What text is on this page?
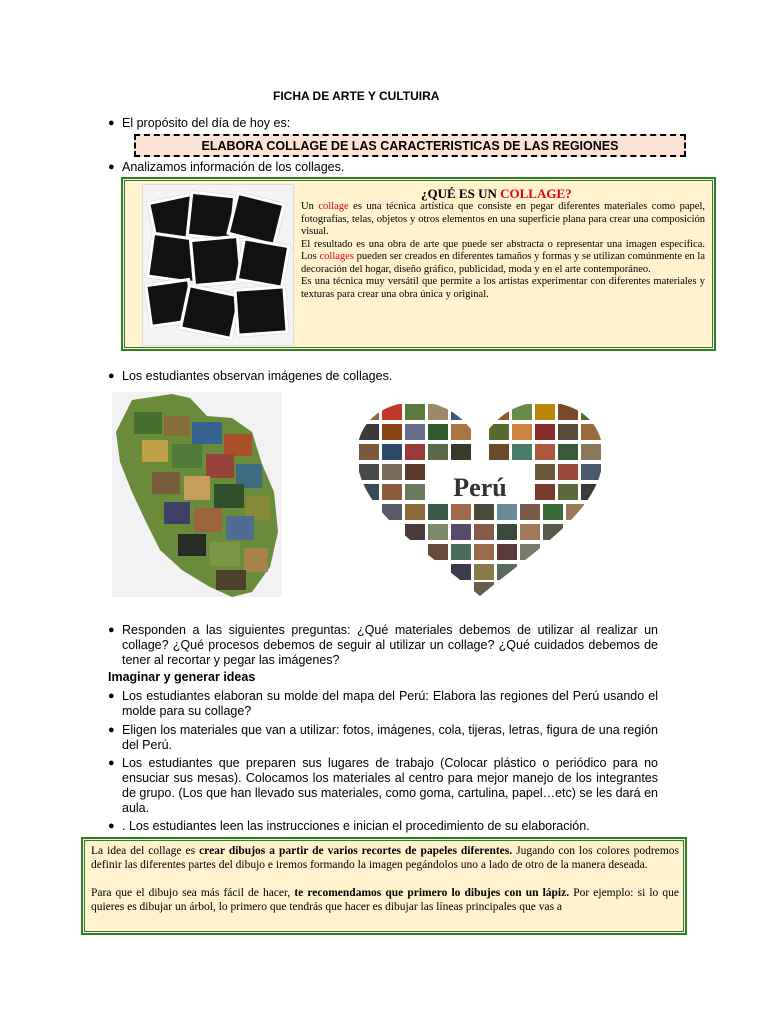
FICHA DE ARTE Y CULTUIRA
● El propósito del día de hoy es:
ELABORA COLLAGE DE LAS CARACTERISTICAS DE LAS REGIONES
● Analizamos información de los collages.
¿QUÉ ES UN COLLAGE?

Un collage es una técnica artística que consiste en pegar diferentes materiales como papel, fotografías, telas, objetos y otros elementos en una superficie plana para crear una composición visual.

El resultado es una obra de arte que puede ser abstracta o representar una imagen específica. Los collages pueden ser creados en diferentes tamaños y formas y se utilizan comúnmente en la decoración del hogar, diseño gráfico, publicidad, moda y en el arte contemporáneo.

Es una técnica muy versátil que permite a los artistas experimentar con diferentes materiales y texturas para crear una obra única y original.

● Los estudiantes observan imágenes de collages.
Perú
● Responden a las siguientes preguntas: ¿Qué materiales debemos de utilizar al realizar un collage? ¿Qué procesos debemos de seguir al utilizar un collage? ¿Qué cuidados debemos de tener al recortar y pegar las imágenes?
Imaginar y generar ideas
● Los estudiantes elaboran su molde del mapa del Perú: Elabora las regiones del Perú usando el molde para su collage?
● Eligen los materiales que van a utilizar: fotos, imágenes, cola, tijeras, letras, figura de una región del Perú.
● Los estudiantes que preparen sus lugares de trabajo (Colocar plástico o periódico para no ensuciar sus mesas). Colocamos los materiales al centro para mejor manejo de los integrantes de grupo. (Los que han llevado sus materiales, como goma, cartulina, papel…etc) se les dará en aula.
● . Los estudiantes leen las instrucciones e inician el procedimiento de su elaboración.

La idea del collage es crear dibujos a partir de varios recortes de papeles diferentes. Jugando con los colores podremos definir las diferentes partes del dibujo e iremos formando la imagen pegándolos uno a lado de otro de la manera deseada.

Para que el dibujo sea más fácil de hacer, te recomendamos que primero lo dibujes con un lápiz. Por ejemplo: si lo que quieres es dibujar un árbol, lo primero que tendrás que hacer es dibujar las líneas principales que vas a
